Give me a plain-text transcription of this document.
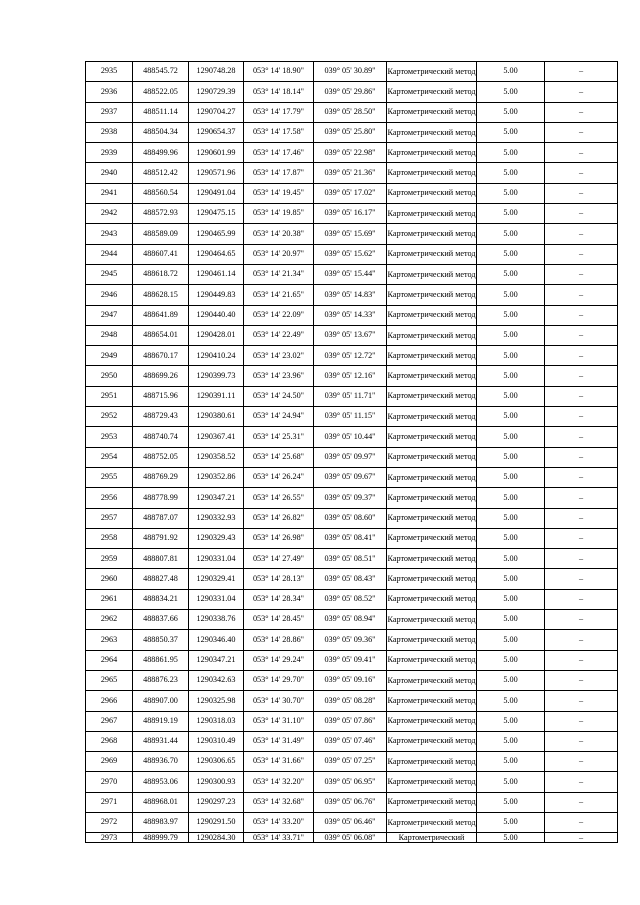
2935	488545.72	1290748.28	053° 14' 18.90"	039° 05' 30.89"	Картометрический метод	5.00	–
2936	488522.05	1290729.39	053° 14' 18.14"	039° 05' 29.86"	Картометрический метод	5.00	–
2937	488511.14	1290704.27	053° 14' 17.79"	039° 05' 28.50"	Картометрический метод	5.00	–
2938	488504.34	1290654.37	053° 14' 17.58"	039° 05' 25.80"	Картометрический метод	5.00	–
2939	488499.96	1290601.99	053° 14' 17.46"	039° 05' 22.98"	Картометрический метод	5.00	–
2940	488512.42	1290571.96	053° 14' 17.87"	039° 05' 21.36"	Картометрический метод	5.00	–
2941	488560.54	1290491.04	053° 14' 19.45"	039° 05' 17.02"	Картометрический метод	5.00	–
2942	488572.93	1290475.15	053° 14' 19.85"	039° 05' 16.17"	Картометрический метод	5.00	–
2943	488589.09	1290465.99	053° 14' 20.38"	039° 05' 15.69"	Картометрический метод	5.00	–
2944	488607.41	1290464.65	053° 14' 20.97"	039° 05' 15.62"	Картометрический метод	5.00	–
2945	488618.72	1290461.14	053° 14' 21.34"	039° 05' 15.44"	Картометрический метод	5.00	–
2946	488628.15	1290449.83	053° 14' 21.65"	039° 05' 14.83"	Картометрический метод	5.00	–
2947	488641.89	1290440.40	053° 14' 22.09"	039° 05' 14.33"	Картометрический метод	5.00	–
2948	488654.01	1290428.01	053° 14' 22.49"	039° 05' 13.67"	Картометрический метод	5.00	–
2949	488670.17	1290410.24	053° 14' 23.02"	039° 05' 12.72"	Картометрический метод	5.00	–
2950	488699.26	1290399.73	053° 14' 23.96"	039° 05' 12.16"	Картометрический метод	5.00	–
2951	488715.96	1290391.11	053° 14' 24.50"	039° 05' 11.71"	Картометрический метод	5.00	–
2952	488729.43	1290380.61	053° 14' 24.94"	039° 05' 11.15"	Картометрический метод	5.00	–
2953	488740.74	1290367.41	053° 14' 25.31"	039° 05' 10.44"	Картометрический метод	5.00	–
2954	488752.05	1290358.52	053° 14' 25.68"	039° 05' 09.97"	Картометрический метод	5.00	–
2955	488769.29	1290352.86	053° 14' 26.24"	039° 05' 09.67"	Картометрический метод	5.00	–
2956	488778.99	1290347.21	053° 14' 26.55"	039° 05' 09.37"	Картометрический метод	5.00	–
2957	488787.07	1290332.93	053° 14' 26.82"	039° 05' 08.60"	Картометрический метод	5.00	–
2958	488791.92	1290329.43	053° 14' 26.98"	039° 05' 08.41"	Картометрический метод	5.00	–
2959	488807.81	1290331.04	053° 14' 27.49"	039° 05' 08.51"	Картометрический метод	5.00	–
2960	488827.48	1290329.41	053° 14' 28.13"	039° 05' 08.43"	Картометрический метод	5.00	–
2961	488834.21	1290331.04	053° 14' 28.34"	039° 05' 08.52"	Картометрический метод	5.00	–
2962	488837.66	1290338.76	053° 14' 28.45"	039° 05' 08.94"	Картометрический метод	5.00	–
2963	488850.37	1290346.40	053° 14' 28.86"	039° 05' 09.36"	Картометрический метод	5.00	–
2964	488861.95	1290347.21	053° 14' 29.24"	039° 05' 09.41"	Картометрический метод	5.00	–
2965	488876.23	1290342.63	053° 14' 29.70"	039° 05' 09.16"	Картометрический метод	5.00	–
2966	488907.00	1290325.98	053° 14' 30.70"	039° 05' 08.28"	Картометрический метод	5.00	–
2967	488919.19	1290318.03	053° 14' 31.10"	039° 05' 07.86"	Картометрический метод	5.00	–
2968	488931.44	1290310.49	053° 14' 31.49"	039° 05' 07.46"	Картометрический метод	5.00	–
2969	488936.70	1290306.65	053° 14' 31.66"	039° 05' 07.25"	Картометрический метод	5.00	–
2970	488953.06	1290300.93	053° 14' 32.20"	039° 05' 06.95"	Картометрический метод	5.00	–
2971	488968.01	1290297.23	053° 14' 32.68"	039° 05' 06.76"	Картометрический метод	5.00	–
2972	488983.97	1290291.50	053° 14' 33.20"	039° 05' 06.46"	Картометрический метод	5.00	–
2973	488999.79	1290284.30	053° 14' 33.71"	039° 05' 06.08"	Картометрический	5.00	–
